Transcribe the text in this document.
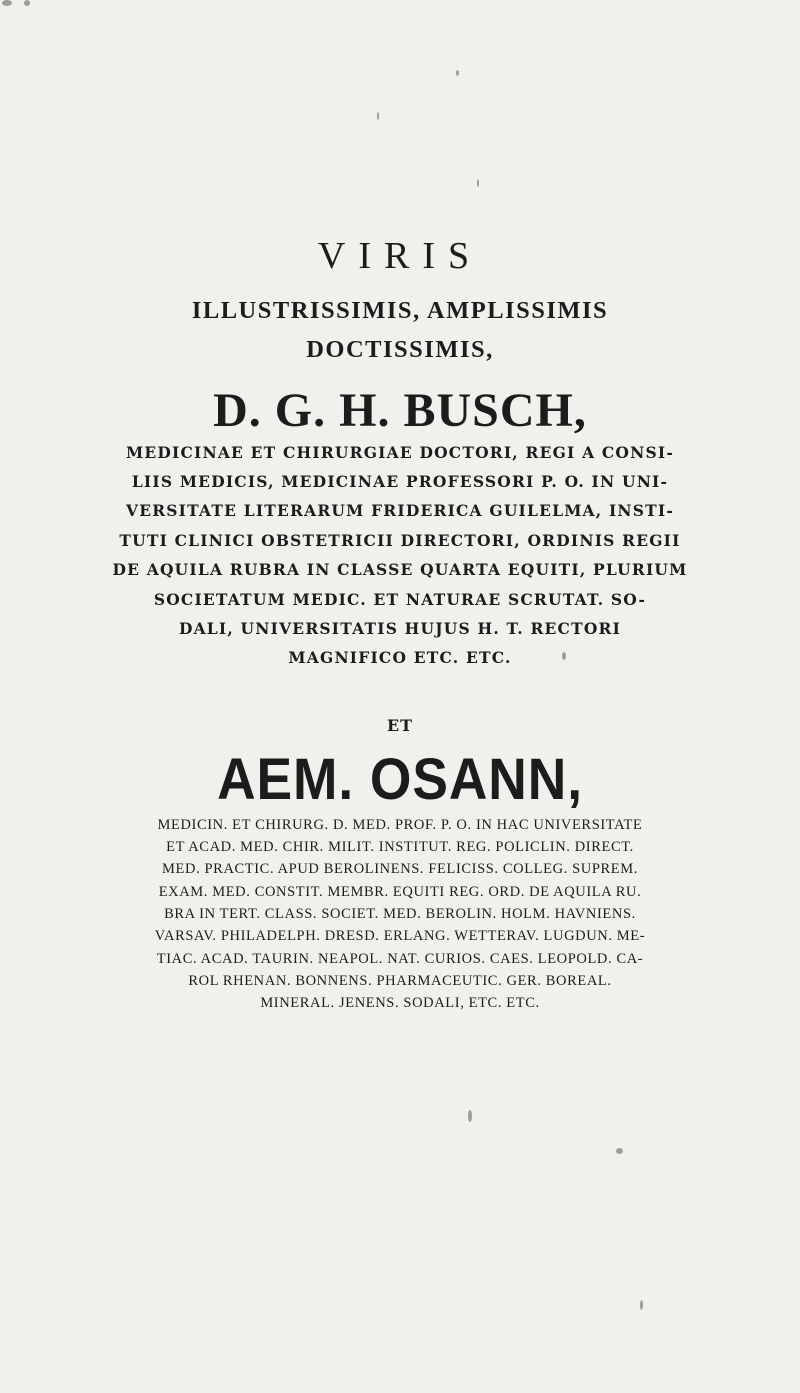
VIRIS
ILLUSTRISSIMIS, AMPLISSIMIS
DOCTISSIMIS,
D. G. H. BUSCH,
MEDICINAE ET CHIRURGIAE DOCTORI, REGI A CONSI-
LIIS MEDICIS, MEDICINAE PROFESSORI P. O. IN UNI-
VERSITATE LITERARUM FRIDERICA GUILELMA, INSTI-
TUTI CLINICI OBSTETRICII DIRECTORI, ORDINIS REGII
DE AQUILA RUBRA IN CLASSE QUARTA EQUITI, PLURIUM
SOCIETATUM MEDIC. ET NATURAE SCRUTAT. SO-
DALI, UNIVERSITATIS HUJUS H. T. RECTORI
MAGNIFICO ETC. ETC.
ET
AEM. OSANN,
MEDICIN. ET CHIRURG. D. MED. PROF. P. O. IN HAC UNIVERSITATE
ET ACAD. MED. CHIR. MILIT. INSTITUT. REG. POLICLIN. DIRECT.
MED. PRACTIC. APUD BEROLINENS. FELICISS. COLLEG. SUPREM.
EXAM. MED. CONSTIT. MEMBR. EQUITI REG. ORD. DE AQUILA RU.
BRA IN TERT. CLASS. SOCIET. MED. BEROLIN. HOLM. HAVNIENS.
VARSAV. PHILADELPH. DRESD. ERLANG. WETTERAV. LUGDUN. ME-
TIAC. ACAD. TAURIN. NEAPOL. NAT. CURIOS. CAES. LEOPOLD. CA-
ROL RHENAN. BONNENS. PHARMACEUTIC. GER. BOREAL.
MINERAL. JENENS. SODALI, ETC. ETC.
